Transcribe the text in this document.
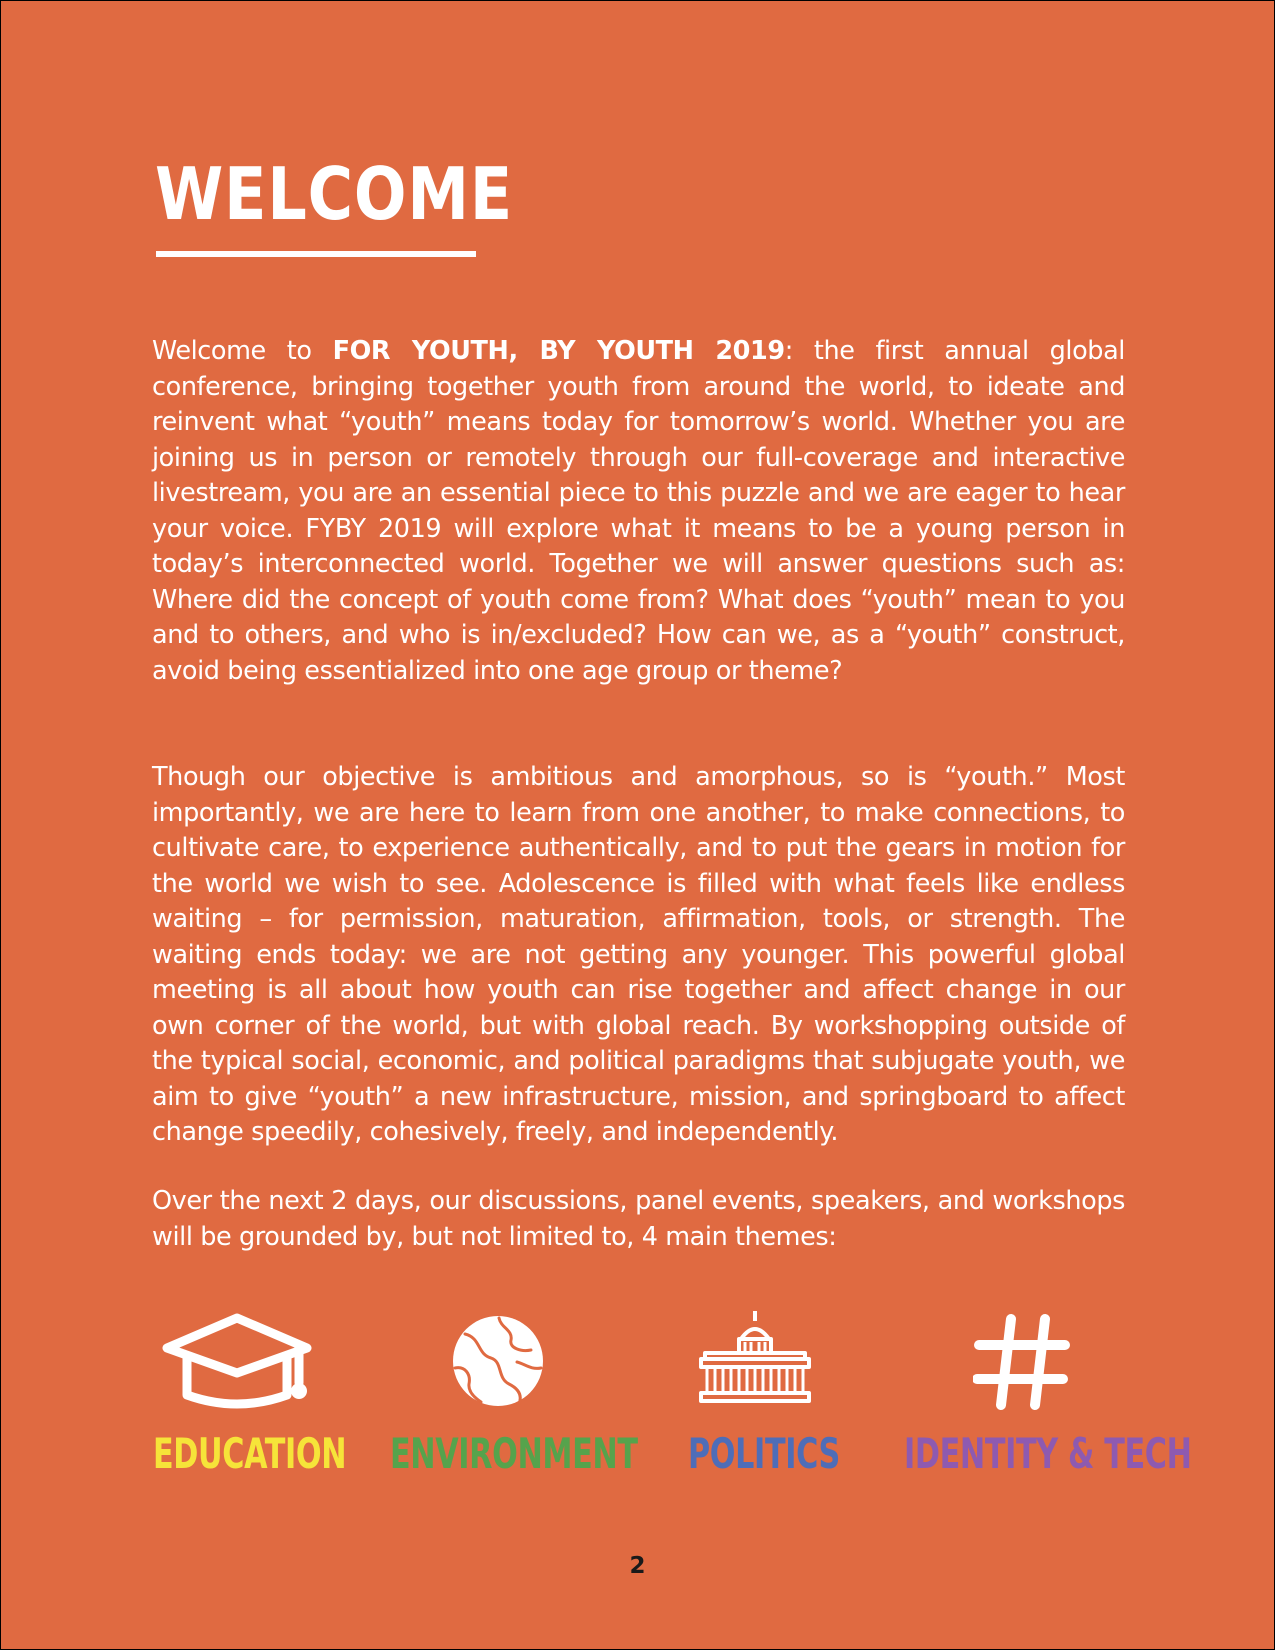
WELCOME

Welcome to FOR YOUTH, BY YOUTH 2019: the first annual global conference, bringing together youth from around the world, to ideate and reinvent what “youth” means today for tomorrow’s world. Whether you are joining us in person or remotely through our full-coverage and interactive livestream, you are an essential piece to this puzzle and we are eager to hear your voice. FYBY 2019 will explore what it means to be a young person in today’s interconnected world. Together we will answer questions such as: Where did the concept of youth come from? What does “youth” mean to you and to others, and who is in/excluded? How can we, as a “youth” construct, avoid being essentialized into one age group or theme?

Though our objective is ambitious and amorphous, so is “youth.” Most importantly, we are here to learn from one another, to make connections, to cultivate care, to experience authentically, and to put the gears in motion for the world we wish to see. Adolescence is filled with what feels like endless waiting – for permission, maturation, affirmation, tools, or strength. The waiting ends today: we are not getting any younger. This powerful global meeting is all about how youth can rise together and affect change in our own corner of the world, but with global reach. By workshopping outside of the typical social, economic, and political paradigms that subjugate youth, we aim to give “youth” a new infrastructure, mission, and springboard to affect change speedily, cohesively, freely, and independently.

Over the next 2 days, our discussions, panel events, speakers, and workshops will be grounded by, but not limited to, 4 main themes:

EDUCATION ENVIRONMENT POLITICS IDENTITY & TECH
2
